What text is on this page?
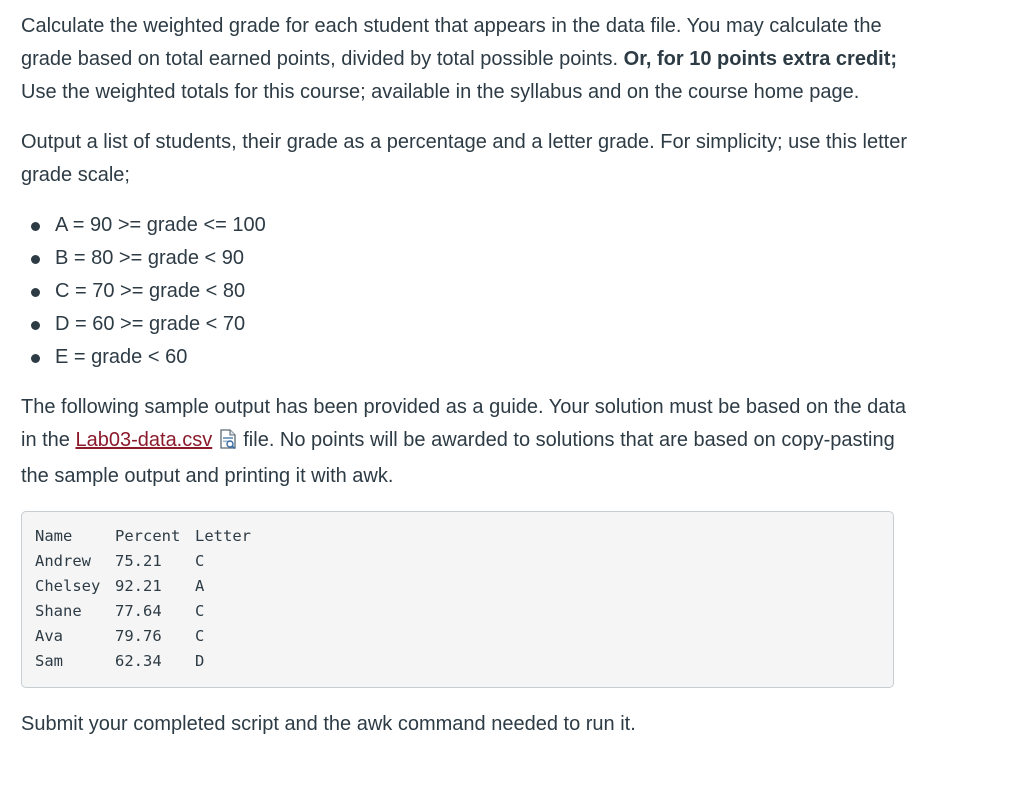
Calculate the weighted grade for each student that appears in the data file. You may calculate the grade based on total earned points, divided by total possible points. Or, for 10 points extra credit; Use the weighted totals for this course; available in the syllabus and on the course home page.

Output a list of students, their grade as a percentage and a letter grade. For simplicity; use this letter grade scale;

A = 90 >= grade <= 100
B = 80 >= grade < 90
C = 70 >= grade < 80
D = 60 >= grade < 70
E = grade < 60

The following sample output has been provided as a guide. Your solution must be based on the data in the Lab03-data.csv file. No points will be awarded to solutions that are based on copy-pasting the sample output and printing it with awk.

Name	Percent Letter
Andrew 75.21 C
Chelsey 92.21 A
Shane 77.64 C
Ava	79.76 C
Sam	62.34 D

Submit your completed script and the awk command needed to run it.
